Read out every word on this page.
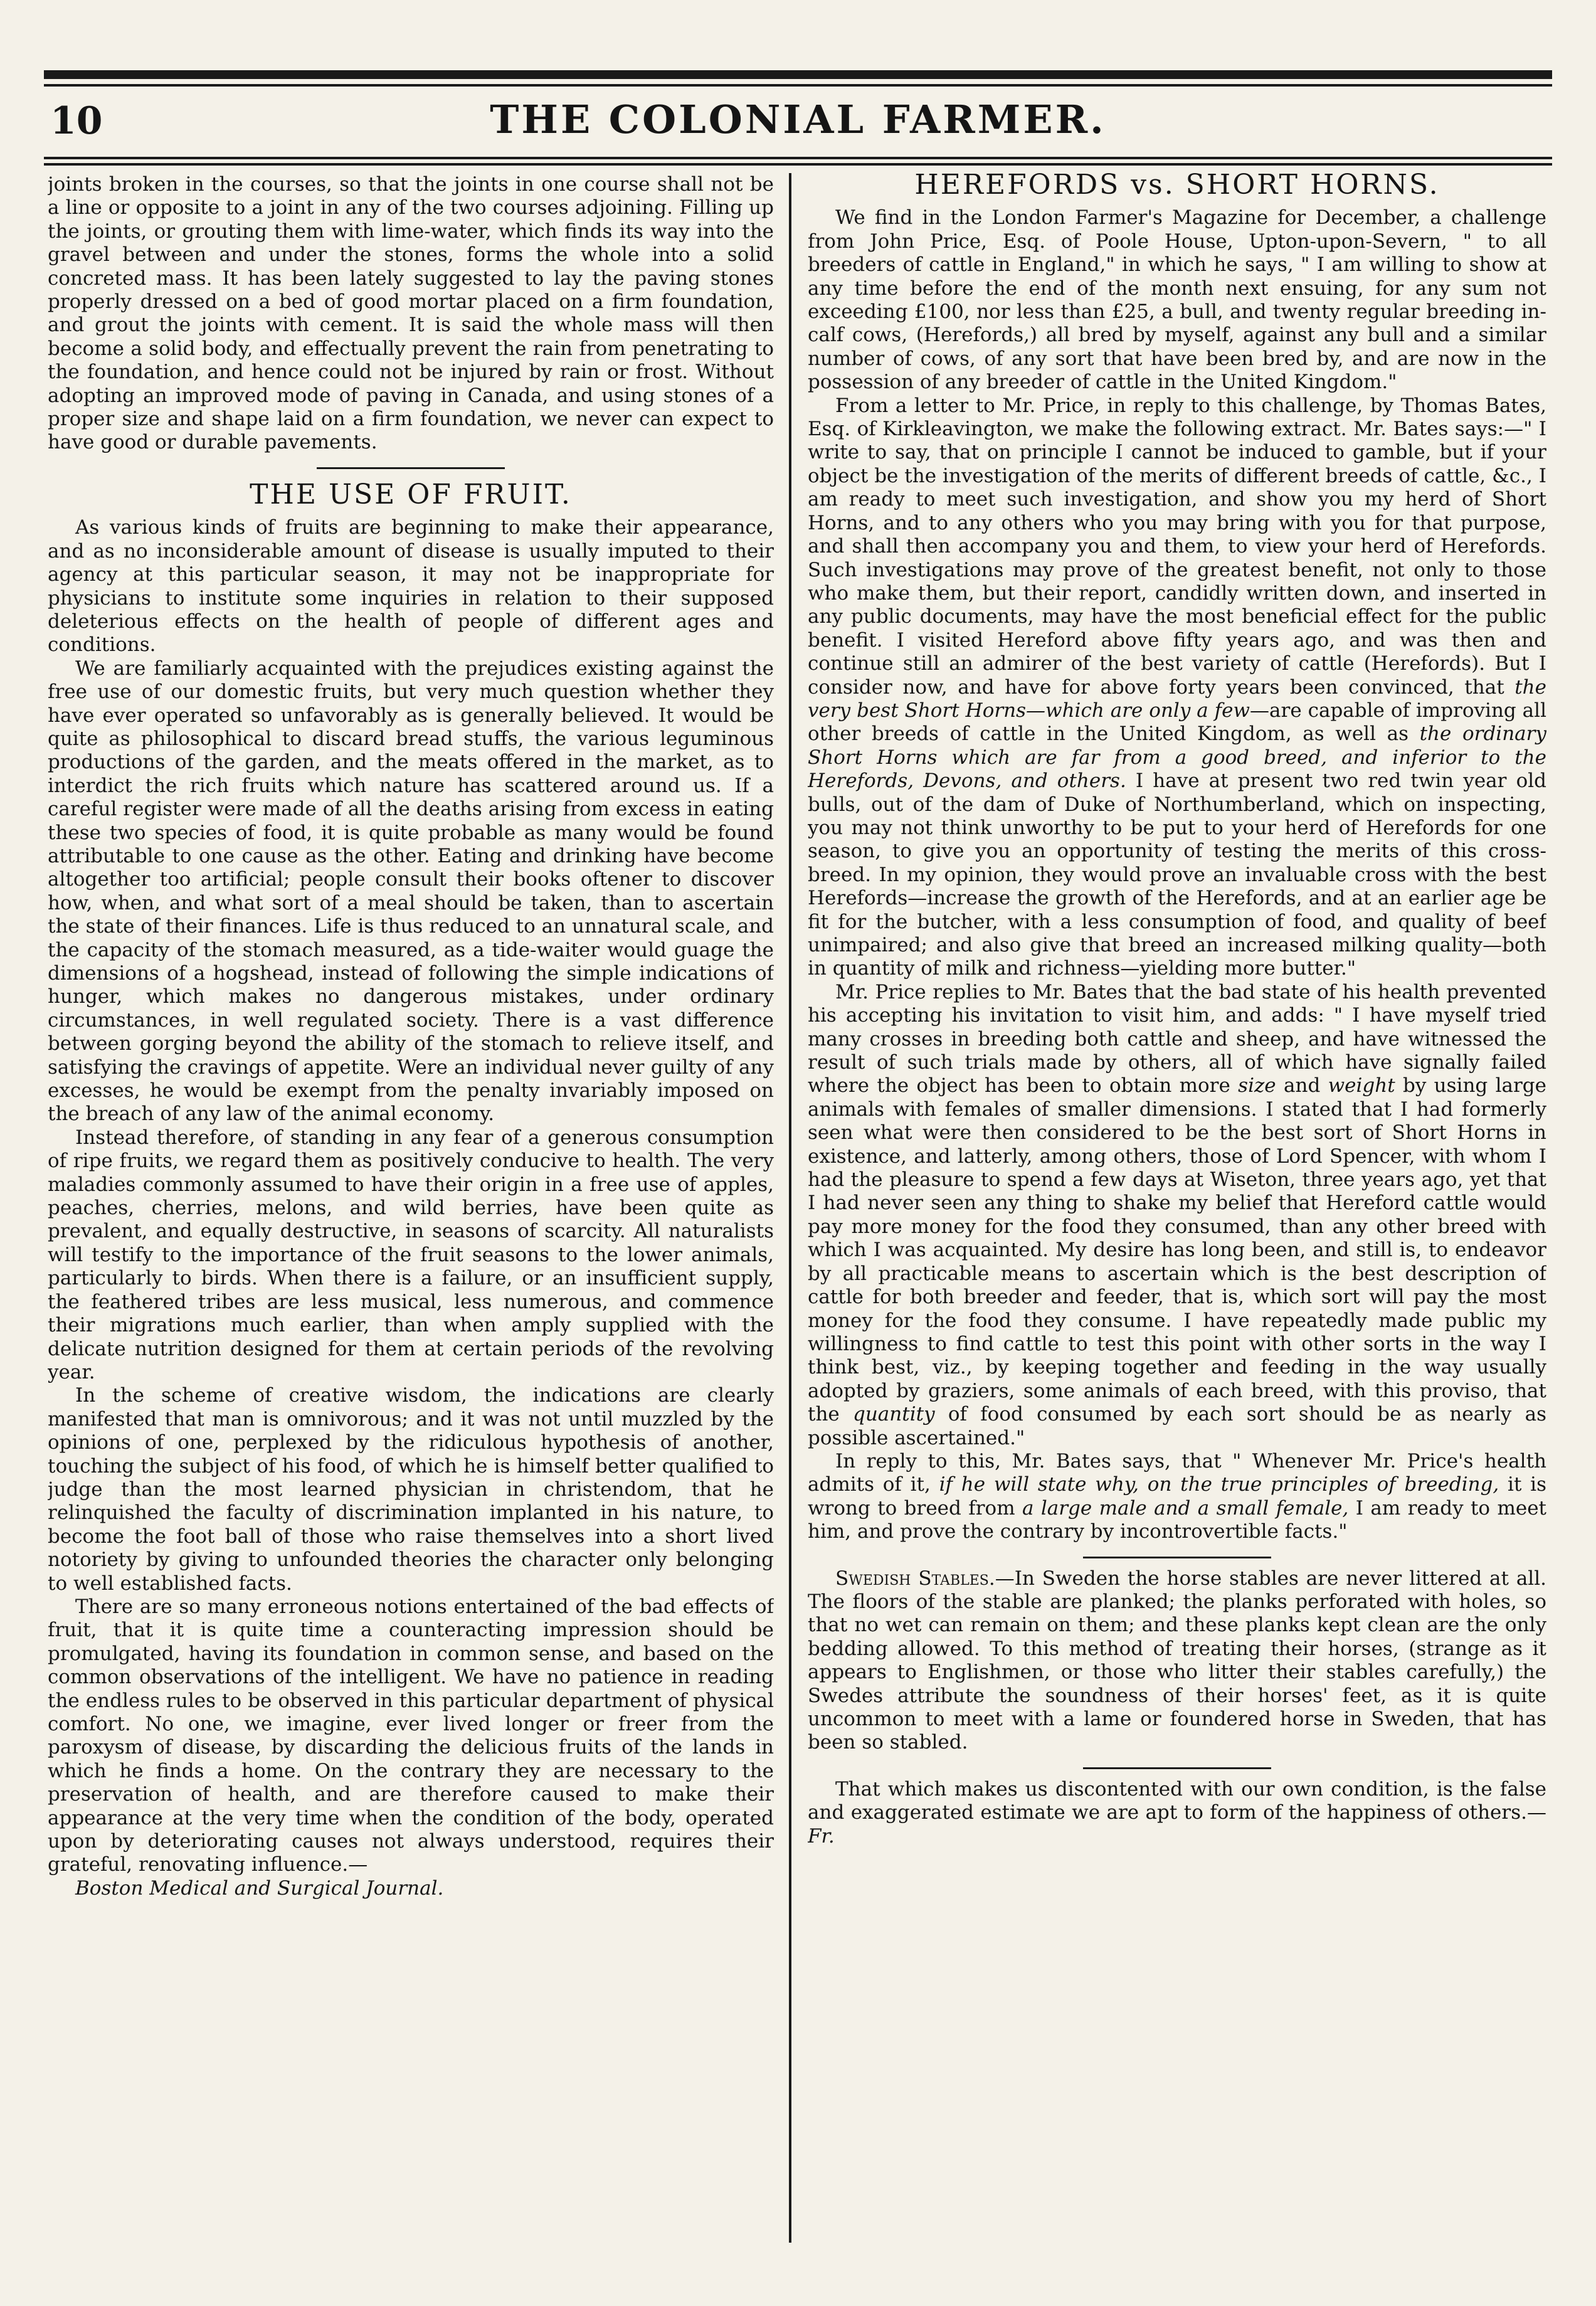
10	THE COLONIAL FARMER.

joints broken in the courses, so that the joints in one course shall not be a line or opposite to a joint in any of the two courses adjoining. Filling up the joints, or grouting them with lime-water, which finds its way into the gravel between and under the stones, forms the whole into a solid concreted mass. It has been lately suggested to lay the paving stones properly dressed on a bed of good mortar placed on a firm foundation, and grout the joints with cement. It is said the whole mass will then become a solid body, and effectually prevent the rain from penetrating to the foundation, and hence could not be injured by rain or frost. Without adopting an improved mode of paving in Canada, and using stones of a proper size and shape laid on a firm foundation, we never can expect to have good or durable pavements.

THE USE OF FRUIT.

As various kinds of fruits are beginning to make their appearance, and as no inconsiderable amount of disease is usually imputed to their agency at this particular season, it may not be inappropriate for physicians to institute some inquiries in relation to their supposed deleterious effects on the health of people of different ages and conditions.

We are familiarly acquainted with the prejudices existing against the free use of our domestic fruits, but very much question whether they have ever operated so unfavorably as is generally believed. It would be quite as philosophical to discard bread stuffs, the various leguminous productions of the garden, and the meats offered in the market, as to interdict the rich fruits which nature has scattered around us. If a careful register were made of all the deaths arising from excess in eating these two species of food, it is quite probable as many would be found attributable to one cause as the other. Eating and drinking have become altogether too artificial; people consult their books oftener to discover how, when, and what sort of a meal should be taken, than to ascertain the state of their finances. Life is thus reduced to an unnatural scale, and the capacity of the stomach measured, as a tide-waiter would guage the dimensions of a hogshead, instead of following the simple indications of hunger, which makes no dangerous mistakes, under ordinary circumstances, in well regulated society. There is a vast difference between gorging beyond the ability of the stomach to relieve itself, and satisfying the cravings of appetite. Were an individual never guilty of any excesses, he would be exempt from the penalty invariably imposed on the breach of any law of the animal economy.

Instead therefore, of standing in any fear of a generous consumption of ripe fruits, we regard them as positively conducive to health. The very maladies commonly assumed to have their origin in a free use of apples, peaches, cherries, melons, and wild berries, have been quite as prevalent, and equally destructive, in seasons of scarcity. All naturalists will testify to the importance of the fruit seasons to the lower animals, particularly to birds. When there is a failure, or an insufficient supply, the feathered tribes are less musical, less numerous, and commence their migrations much earlier, than when amply supplied with the delicate nutrition designed for them at certain periods of the revolving year.

In the scheme of creative wisdom, the indications are clearly manifested that man is omnivorous; and it was not until muzzled by the opinions of one, perplexed by the ridiculous hypothesis of another, touching the subject of his food, of which he is himself better qualified to judge than the most learned physician in christendom, that he relinquished the faculty of discrimination implanted in his nature, to become the foot ball of those who raise themselves into a short lived notoriety by giving to unfounded theories the character only belonging to well established facts.

There are so many erroneous notions entertained of the bad effects of fruit, that it is quite time a counteracting impression should be promulgated, having its foundation in common sense, and based on the common observations of the intelligent. We have no patience in reading the endless rules to be observed in this particular department of physical comfort. No one, we imagine, ever lived longer or freer from the paroxysm of disease, by discarding the delicious fruits of the lands in which he finds a home. On the contrary they are necessary to the preservation of health, and are therefore caused to make their appearance at the very time when the condition of the body, operated upon by deteriorating causes not always understood, requires their grateful, renovating influence.—

Boston Medical and Surgical Journal.

HEREFORDS vs. SHORT HORNS.

We find in the London Farmer's Magazine for December, a challenge from John Price, Esq. of Poole House, Upton-upon-Severn, " to all breeders of cattle in England," in which he says, " I am willing to show at any time before the end of the month next ensuing, for any sum not exceeding £100, nor less than £25, a bull, and twenty regular breeding in-calf cows, (Herefords,) all bred by myself, against any bull and a similar number of cows, of any sort that have been bred by, and are now in the possession of any breeder of cattle in the United Kingdom."

From a letter to Mr. Price, in reply to this challenge, by Thomas Bates, Esq. of Kirkleavington, we make the following extract. Mr. Bates says:—" I write to say, that on principle I cannot be induced to gamble, but if your object be the investigation of the merits of different breeds of cattle, &c., I am ready to meet such investigation, and show you my herd of Short Horns, and to any others who you may bring with you for that purpose, and shall then accompany you and them, to view your herd of Herefords. Such investigations may prove of the greatest benefit, not only to those who make them, but their report, candidly written down, and inserted in any public documents, may have the most beneficial effect for the public benefit. I visited Hereford above fifty years ago, and was then and continue still an admirer of the best variety of cattle (Herefords). But I consider now, and have for above forty years been convinced, that the very best Short Horns—which are only a few—are capable of improving all other breeds of cattle in the United Kingdom, as well as the ordinary Short Horns which are far from a good breed, and inferior to the Herefords, Devons, and others. I have at present two red twin year old bulls, out of the dam of Duke of Northumberland, which on inspecting, you may not think unworthy to be put to your herd of Herefords for one season, to give you an opportunity of testing the merits of this cross-breed. In my opinion, they would prove an invaluable cross with the best Herefords—increase the growth of the Herefords, and at an earlier age be fit for the butcher, with a less consumption of food, and quality of beef unimpaired; and also give that breed an increased milking quality—both in quantity of milk and richness—yielding more butter."

Mr. Price replies to Mr. Bates that the bad state of his health prevented his accepting his invitation to visit him, and adds: " I have myself tried many crosses in breeding both cattle and sheep, and have witnessed the result of such trials made by others, all of which have signally failed where the object has been to obtain more size and weight by using large animals with females of smaller dimensions. I stated that I had formerly seen what were then considered to be the best sort of Short Horns in existence, and latterly, among others, those of Lord Spencer, with whom I had the pleasure to spend a few days at Wiseton, three years ago, yet that I had never seen any thing to shake my belief that Hereford cattle would pay more money for the food they consumed, than any other breed with which I was acquainted. My desire has long been, and still is, to endeavor by all practicable means to ascertain which is the best description of cattle for both breeder and feeder, that is, which sort will pay the most money for the food they consume. I have repeatedly made public my willingness to find cattle to test this point with other sorts in the way I think best, viz., by keeping together and feeding in the way usually adopted by graziers, some animals of each breed, with this proviso, that the quantity of food consumed by each sort should be as nearly as possible ascertained."

In reply to this, Mr. Bates says, that " Whenever Mr. Price's health admits of it, if he will state why, on the true principles of breeding, it is wrong to breed from a large male and a small female, I am ready to meet him, and prove the contrary by incontrovertible facts."

Swedish Stables.—In Sweden the horse stables are never littered at all. The floors of the stable are planked; the planks perforated with holes, so that no wet can remain on them; and these planks kept clean are the only bedding allowed. To this method of treating their horses, (strange as it appears to Englishmen, or those who litter their stables carefully,) the Swedes attribute the soundness of their horses' feet, as it is quite uncommon to meet with a lame or foundered horse in Sweden, that has been so stabled.

That which makes us discontented with our own condition, is the false and exaggerated estimate we are apt to form of the happiness of others.—Fr.
